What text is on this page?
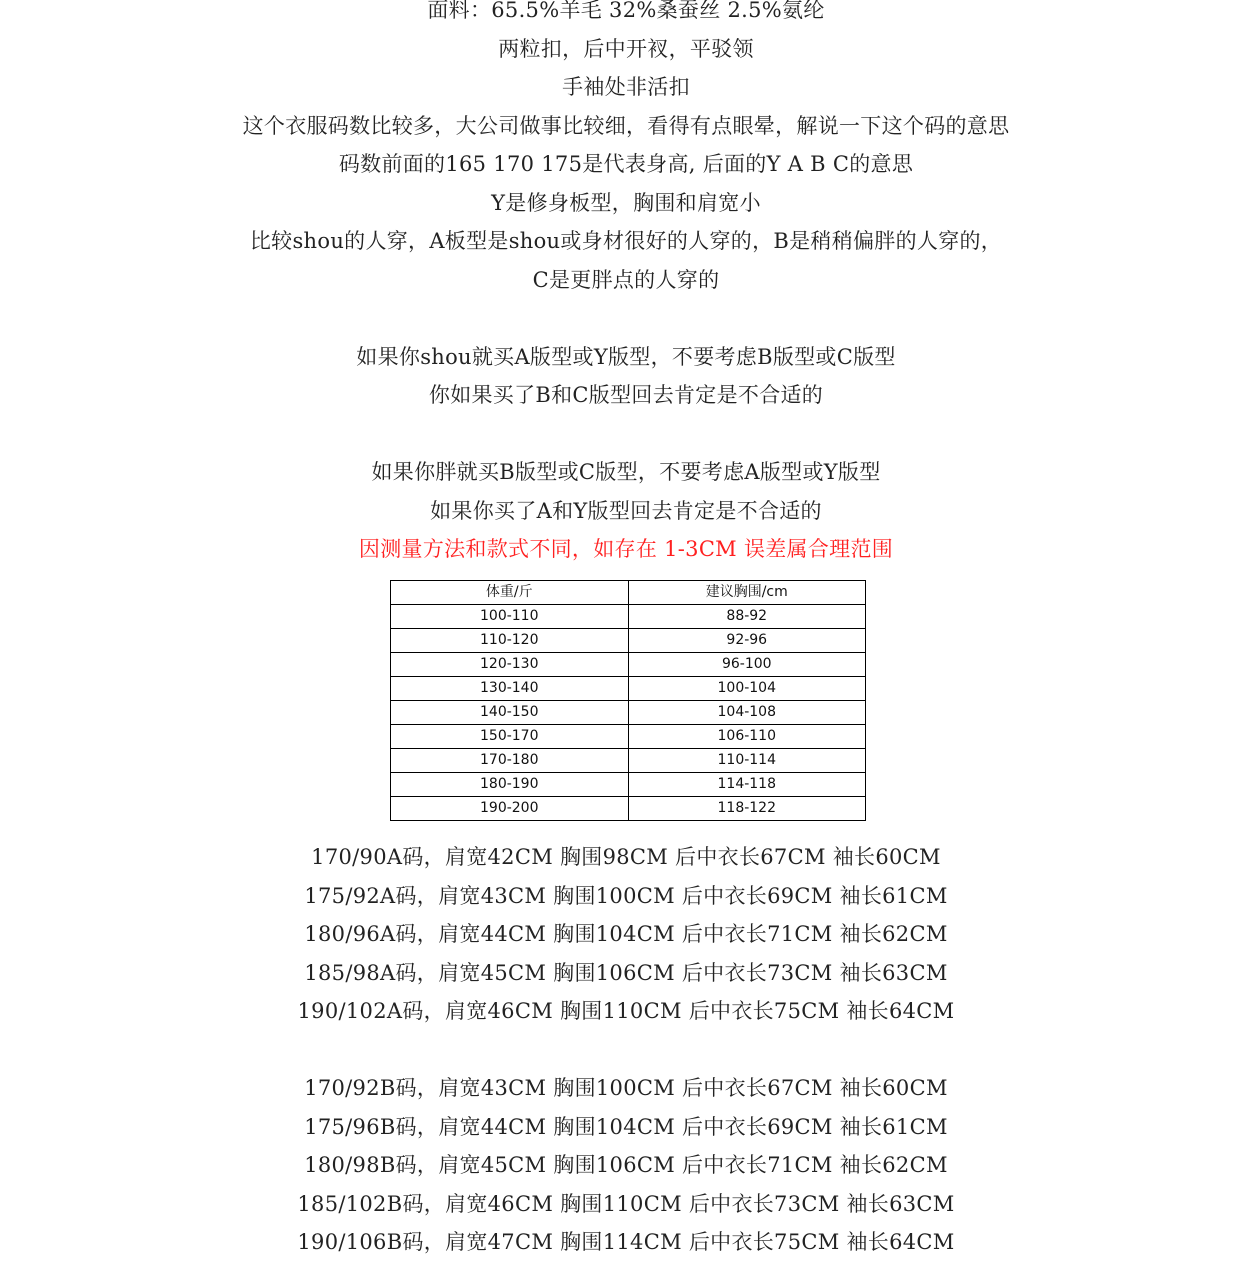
面料：65.5%羊毛 32%桑蚕丝 2.5%氨纶
两粒扣，后中开衩，平驳领
手袖处非活扣
这个衣服码数比较多，大公司做事比较细，看得有点眼晕，解说一下这个码的意思
码数前面的165 170 175是代表身高, 后面的Y A B C的意思
Y是修身板型，胸围和肩宽小
比较shou的人穿，A板型是shou或身材很好的人穿的，B是稍稍偏胖的人穿的，
C是更胖点的人穿的
如果你shou就买A版型或Y版型，不要考虑B版型或C版型
你如果买了B和C版型回去肯定是不合适的
如果你胖就买B版型或C版型，不要考虑A版型或Y版型
如果你买了A和Y版型回去肯定是不合适的
因测量方法和款式不同，如存在 1-3CM 误差属合理范围
体重/斤	建议胸围/cm
100-110	88-92
110-120	92-96
120-130	96-100
130-140	100-104
140-150	104-108
150-170	106-110
170-180	110-114
180-190	114-118
190-200	118-122
170/90A码，肩宽42CM 胸围98CM 后中衣长67CM 袖长60CM
175/92A码，肩宽43CM 胸围100CM 后中衣长69CM 袖长61CM
180/96A码，肩宽44CM 胸围104CM 后中衣长71CM 袖长62CM
185/98A码，肩宽45CM 胸围106CM 后中衣长73CM 袖长63CM
190/102A码，肩宽46CM 胸围110CM 后中衣长75CM 袖长64CM
170/92B码，肩宽43CM 胸围100CM 后中衣长67CM 袖长60CM
175/96B码，肩宽44CM 胸围104CM 后中衣长69CM 袖长61CM
180/98B码，肩宽45CM 胸围106CM 后中衣长71CM 袖长62CM
185/102B码，肩宽46CM 胸围110CM 后中衣长73CM 袖长63CM
190/106B码，肩宽47CM 胸围114CM 后中衣长75CM 袖长64CM
